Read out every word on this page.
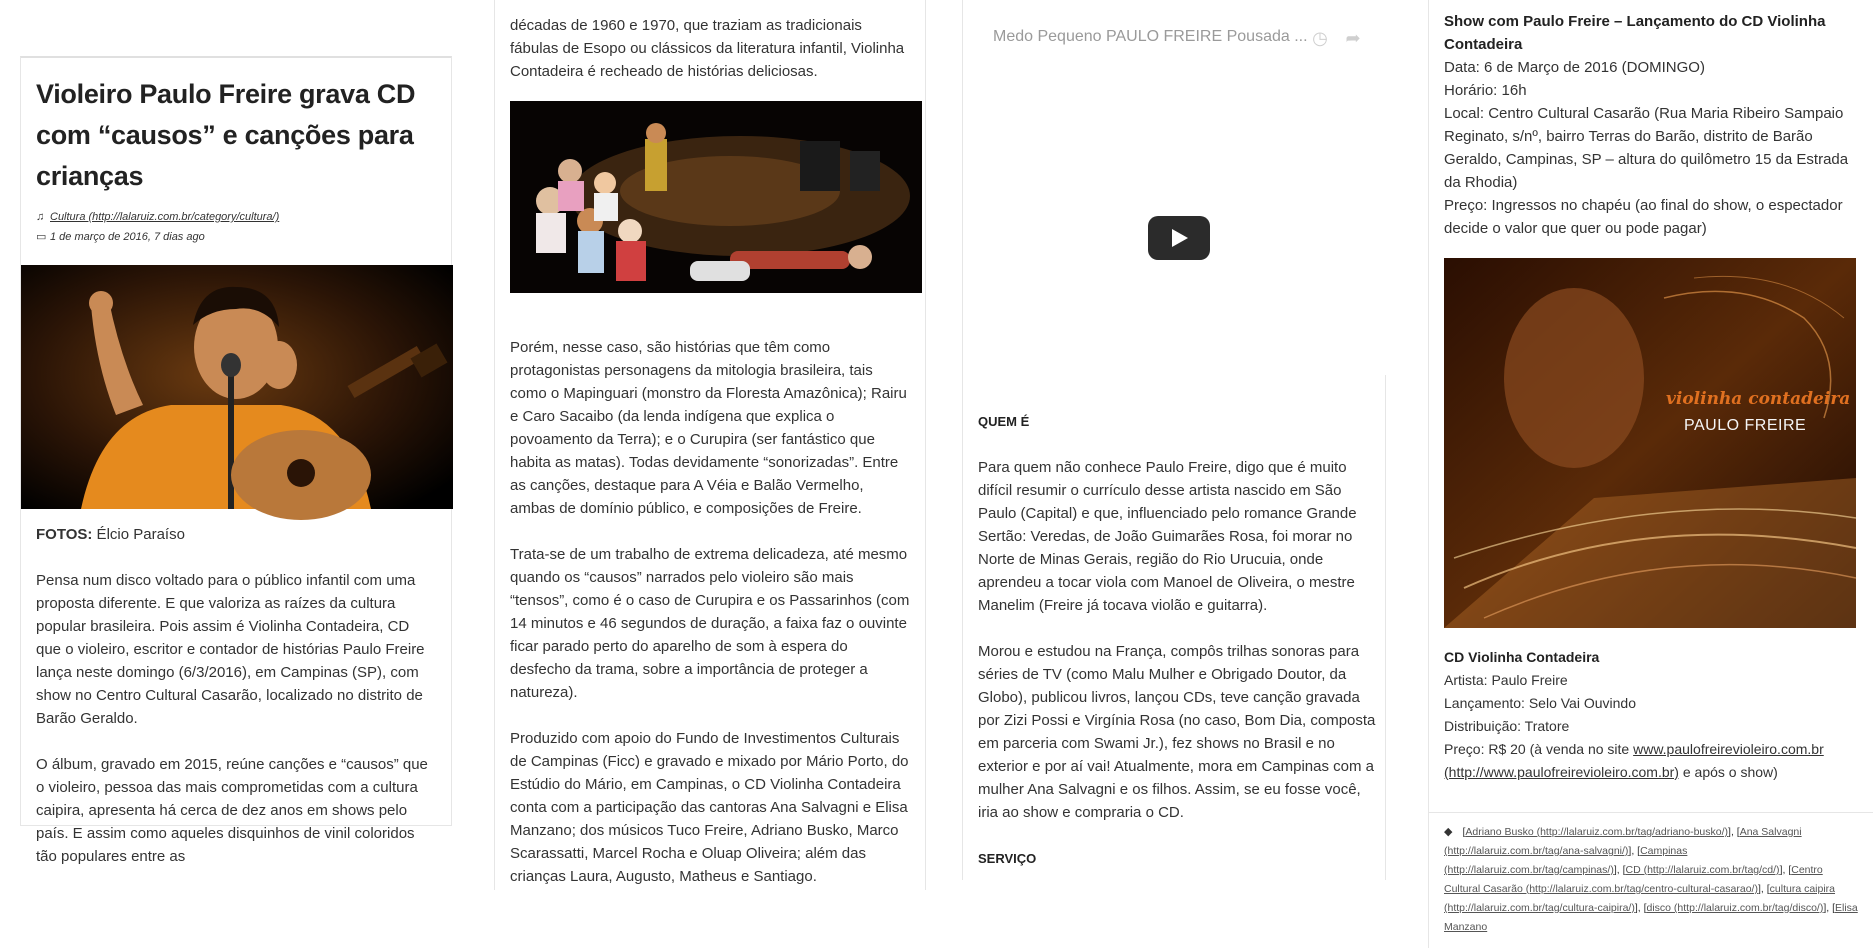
Violeiro Paulo Freire grava CD com “causos” e canções para crianças
♫ Cultura (http://lalaruiz.com.br/category/cultura/)
▭ 1 de março de 2016, 7 dias ago

FOTOS: Élcio Paraíso

Pensa num disco voltado para o público infantil com uma proposta diferente. E que valoriza as raízes da cultura popular brasileira. Pois assim é Violinha Contadeira, CD que o violeiro, escritor e contador de histórias Paulo Freire lança neste domingo (6/3/2016), em Campinas (SP), com show no Centro Cultural Casarão, localizado no distrito de Barão Geraldo.

O álbum, gravado em 2015, reúne canções e “causos” que o violeiro, pessoa das mais comprometidas com a cultura caipira, apresenta há cerca de dez anos em shows pelo país. E assim como aqueles disquinhos de vinil coloridos tão populares entre as

décadas de 1960 e 1970, que traziam as tradicionais fábulas de Esopo ou clássicos da literatura infantil, Violinha Contadeira é recheado de histórias deliciosas.

Porém, nesse caso, são histórias que têm como protagonistas personagens da mitologia brasileira, tais como o Mapinguari (monstro da Floresta Amazônica); Rairu e Caro Sacaibo (da lenda indígena que explica o povoamento da Terra); e o Curupira (ser fantástico que habita as matas). Todas devidamente “sonorizadas”. Entre as canções, destaque para A Véia e Balão Vermelho, ambas de domínio público, e composições de Freire.

Trata-se de um trabalho de extrema delicadeza, até mesmo quando os “causos” narrados pelo violeiro são mais “tensos”, como é o caso de Curupira e os Passarinhos (com 14 minutos e 46 segundos de duração, a faixa faz o ouvinte ficar parado perto do aparelho de som à espera do desfecho da trama, sobre a importância de proteger a natureza).

Produzido com apoio do Fundo de Investimentos Culturais de Campinas (Ficc) e gravado e mixado por Mário Porto, do Estúdio do Mário, em Campinas, o CD Violinha Contadeira conta com a participação das cantoras Ana Salvagni e Elisa Manzano; dos músicos Tuco Freire, Adriano Busko, Marco Scarassatti, Marcel Rocha e Oluap Oliveira; além das crianças Laura, Augusto, Matheus e Santiago.

Medo Pequeno PAULO FREIRE Pousada ... ◷ ➦

QUEM É

Para quem não conhece Paulo Freire, digo que é muito difícil resumir o currículo desse artista nascido em São Paulo (Capital) e que, influenciado pelo romance Grande Sertão: Veredas, de João Guimarães Rosa, foi morar no Norte de Minas Gerais, região do Rio Urucuia, onde aprendeu a tocar viola com Manoel de Oliveira, o mestre Manelim (Freire já tocava violão e guitarra).

Morou e estudou na França, compôs trilhas sonoras para séries de TV (como Malu Mulher e Obrigado Doutor, da Globo), publicou livros, lançou CDs, teve canção gravada por Zizi Possi e Virgínia Rosa (no caso, Bom Dia, composta em parceria com Swami Jr.), fez shows no Brasil e no exterior e por aí vai! Atualmente, mora em Campinas com a mulher Ana Salvagni e os filhos. Assim, se eu fosse você, iria ao show e compraria o CD.

SERVIÇO

Show com Paulo Freire – Lançamento do CD Violinha Contadeira

Data: 6 de Março de 2016 (DOMINGO)

Horário: 16h

Local: Centro Cultural Casarão (Rua Maria Ribeiro Sampaio Reginato, s/nº, bairro Terras do Barão, distrito de Barão Geraldo, Campinas, SP – altura do quilômetro 15 da Estrada da Rhodia)

Preço: Ingressos no chapéu (ao final do show, o espectador decide o valor que quer ou pode pagar)

violinha contadeira
PAULO FREIRE

CD Violinha Contadeira

Artista: Paulo Freire

Lançamento: Selo Vai Ouvindo

Distribuição: Tratore

Preço: R$ 20 (à venda no site www.paulofreirevioleiro.com.br (http://www.paulofreirevioleiro.com.br) e após o show)

◆ [Adriano Busko (http://lalaruiz.com.br/tag/adriano-busko/)], [Ana Salvagni (http://lalaruiz.com.br/tag/ana-salvagni/)], [Campinas (http://lalaruiz.com.br/tag/campinas/)], [CD (http://lalaruiz.com.br/tag/cd/)], [Centro Cultural Casarão (http://lalaruiz.com.br/tag/centro-cultural-casarao/)], [cultura caipira (http://lalaruiz.com.br/tag/cultura-caipira/)], [disco (http://lalaruiz.com.br/tag/disco/)], [Elisa Manzano
